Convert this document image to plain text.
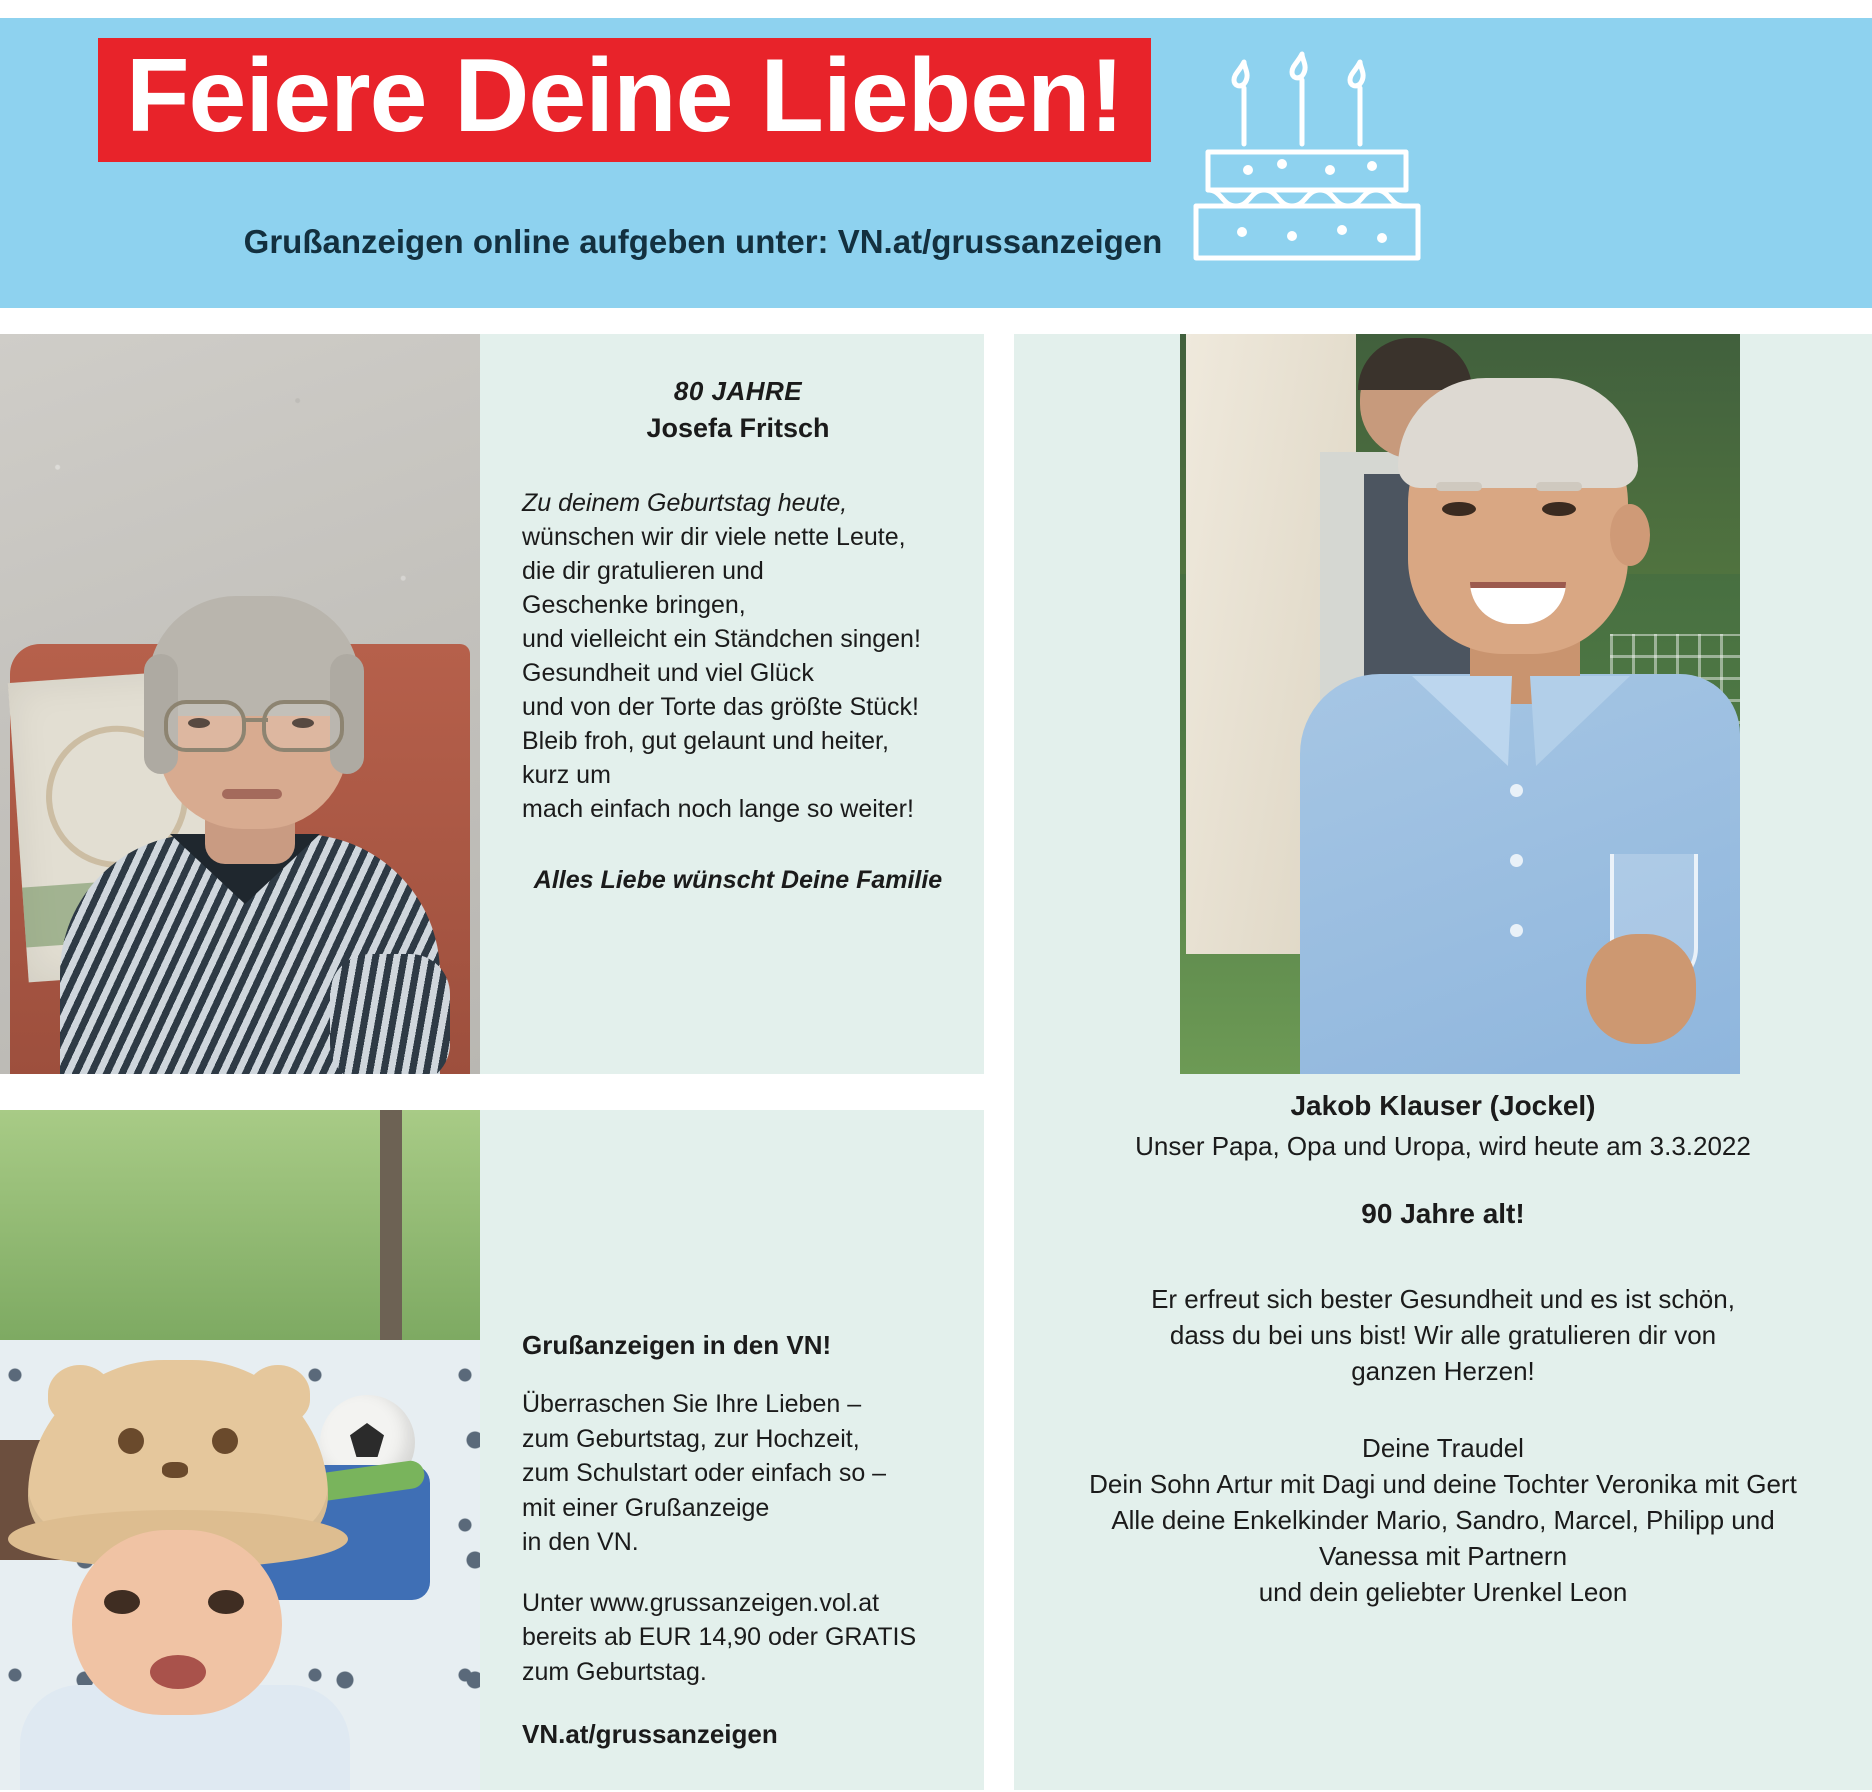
Feiere Deine Lieben!
Grußanzeigen online aufgeben unter: VN.at/grussanzeigen
80 JAHRE
Josefa Fritsch
Zu deinem Geburtstag heute,
wünschen wir dir viele nette Leute,
die dir gratulieren und
Geschenke bringen,
und vielleicht ein Ständchen singen!
Gesundheit und viel Glück
und von der Torte das größte Stück!
Bleib froh, gut gelaunt und heiter,
kurz um
mach einfach noch lange so weiter!
Alles Liebe wünscht Deine Familie
Grußanzeigen in den VN!
Überraschen Sie Ihre Lieben –
zum Geburtstag, zur Hochzeit,
zum Schulstart oder einfach so –
mit einer Grußanzeige
in den VN.
Unter www.grussanzeigen.vol.at
bereits ab EUR 14,90 oder GRATIS
zum Geburtstag.
VN.at/grussanzeigen
Jakob Klauser (Jockel)
Unser Papa, Opa und Uropa, wird heute am 3.3.2022
90 Jahre alt!
Er erfreut sich bester Gesundheit und es ist schön,
dass du bei uns bist! Wir alle gratulieren dir von
ganzen Herzen!
Deine Traudel
Dein Sohn Artur mit Dagi und deine Tochter Veronika mit Gert
Alle deine Enkelkinder Mario, Sandro, Marcel, Philipp und
Vanessa mit Partnern
und dein geliebter Urenkel Leon
